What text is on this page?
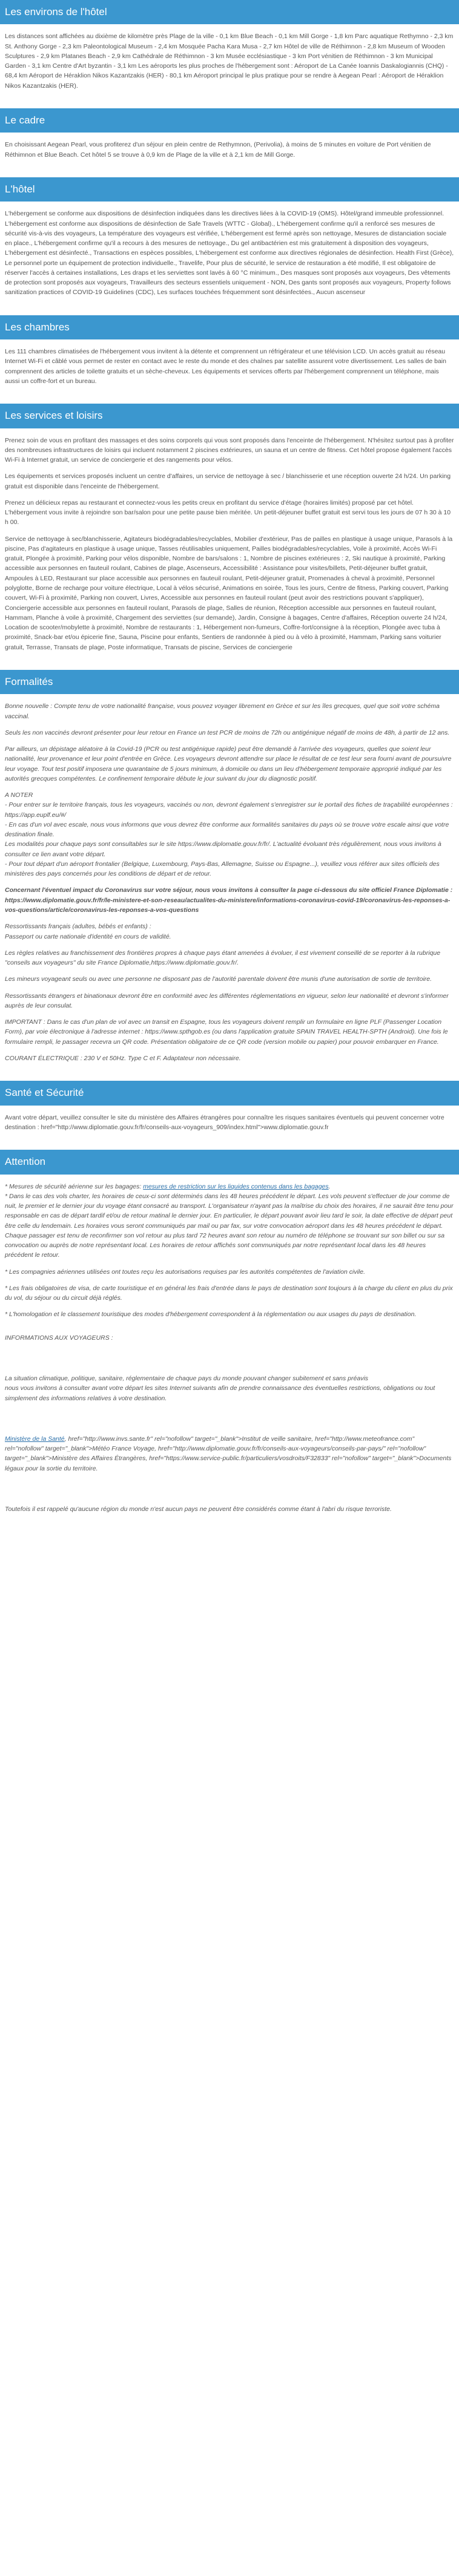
Les environs de l'hôtel

Les distances sont affichées au dixième de kilomètre près Plage de la ville - 0,1 km Blue Beach - 0,1 km Mill Gorge - 1,8 km Parc aquatique Rethymno - 2,3 km St. Anthony Gorge - 2,3 km Paleontological Museum - 2,4 km Mosquée Pacha Kara Musa - 2,7 km Hôtel de ville de Réthimnon - 2,8 km Museum of Wooden Sculptures - 2,9 km Platanes Beach - 2,9 km Cathédrale de Réthimnon - 3 km Musée ecclésiastique - 3 km Port vénitien de Réthimnon - 3 km Municipal Garden - 3,1 km Centre d'Art byzantin - 3,1 km Les aéroports les plus proches de l'hébergement sont : Aéroport de La Canée Ioannis Daskalogiannis (CHQ) - 68,4 km Aéroport de Héraklion Nikos Kazantzakis (HER) - 80,1 km Aéroport principal le plus pratique pour se rendre à Aegean Pearl : Aéroport de Héraklion Nikos Kazantzakis (HER).

Le cadre

En choisissant Aegean Pearl, vous profiterez d'un séjour en plein centre de Rethymnon, (Perivolia), à moins de 5 minutes en voiture de Port vénitien de Réthimnon et Blue Beach. Cet hôtel 5 se trouve à 0,9 km de Plage de la ville et à 2,1 km de Mill Gorge.

L'hôtel

L'hébergement se conforme aux dispositions de désinfection indiquées dans les directives liées à la COVID-19 (OMS). Hôtel/grand immeuble professionnel. L'hébergement est conforme aux dispositions de désinfection de Safe Travels (WTTC - Global)., L'hébergement confirme qu'il a renforcé ses mesures de sécurité vis-à-vis des voyageurs, La température des voyageurs est vérifiée, L'hébergement est fermé après son nettoyage, Mesures de distanciation sociale en place., L'hébergement confirme qu'il a recours à des mesures de nettoyage., Du gel antibactérien est mis gratuitement à disposition des voyageurs, L'hébergement est désinfecté., Transactions en espèces possibles, L'hébergement est conforme aux directives régionales de désinfection. Health First (Grèce), Le personnel porte un équipement de protection individuelle., Travelife, Pour plus de sécurité, le service de restauration a été modifié, Il est obligatoire de réserver l'accès à certaines installations, Les draps et les serviettes sont lavés à 60 °C minimum., Des masques sont proposés aux voyageurs, Des vêtements de protection sont proposés aux voyageurs, Travailleurs des secteurs essentiels uniquement - NON, Des gants sont proposés aux voyageurs, Property follows sanitization practices of COVID-19 Guidelines (CDC), Les surfaces touchées fréquemment sont désinfectées., Aucun ascenseur

Les chambres

Les 111 chambres climatisées de l'hébergement vous invitent à la détente et comprennent un réfrigérateur et une télévision LCD. Un accès gratuit au réseau Internet Wi-Fi et câblé vous permet de rester en contact avec le reste du monde et des chaînes par satellite assurent votre divertissement. Les salles de bain comprennent des articles de toilette gratuits et un sèche-cheveux. Les équipements et services offerts par l'hébergement comprennent un téléphone, mais aussi un coffre-fort et un bureau.

Les services et loisirs

Prenez soin de vous en profitant des massages et des soins corporels qui vous sont proposés dans l'enceinte de l'hébergement. N'hésitez surtout pas à profiter des nombreuses infrastructures de loisirs qui incluent notamment 2 piscines extérieures, un sauna et un centre de fitness. Cet hôtel propose également l'accès Wi-Fi à Internet gratuit, un service de conciergerie et des rangements pour vélos.

Les équipements et services proposés incluent un centre d'affaires, un service de nettoyage à sec / blanchisserie et une réception ouverte 24 h/24. Un parking gratuit est disponible dans l'enceinte de l'hébergement.

Prenez un délicieux repas au restaurant et connectez-vous les petits creux en profitant du service d'étage (horaires limités) proposé par cet hôtel. L'hébergement vous invite à rejoindre son bar/salon pour une petite pause bien méritée. Un petit-déjeuner buffet gratuit est servi tous les jours de 07 h 30 à 10 h 00.

Service de nettoyage à sec/blanchisserie, Agitateurs biodégradables/recyclables, Mobilier d'extérieur, Pas de pailles en plastique à usage unique, Parasols à la piscine, Pas d'agitateurs en plastique à usage unique, Tasses réutilisables uniquement, Pailles biodégradables/recyclables, Voile à proximité, Accès Wi-Fi gratuit, Plongée à proximité, Parking pour vélos disponible, Nombre de bars/salons : 1, Nombre de piscines extérieures : 2, Ski nautique à proximité, Parking accessible aux personnes en fauteuil roulant, Cabines de plage, Ascenseurs, Accessibilité : Assistance pour visites/billets, Petit-déjeuner buffet gratuit, Ampoules à LED, Restaurant sur place accessible aux personnes en fauteuil roulant, Petit-déjeuner gratuit, Promenades à cheval à proximité, Personnel polyglotte, Borne de recharge pour voiture électrique, Local à vélos sécurisé, Animations en soirée, Tous les jours, Centre de fitness, Parking couvert, Parking couvert, Wi-Fi à proximité, Parking non couvert, Livres, Accessible aux personnes en fauteuil roulant (peut avoir des restrictions pouvant s'appliquer), Conciergerie accessible aux personnes en fauteuil roulant, Parasols de plage, Salles de réunion, Réception accessible aux personnes en fauteuil roulant, Hammam, Planche à voile à proximité, Chargement des serviettes (sur demande), Jardin, Consigne à bagages, Centre d'affaires, Réception ouverte 24 h/24, Location de scooter/mobylette à proximité, Nombre de restaurants : 1, Hébergement non-fumeurs, Coffre-fort/consigne à la réception, Plongée avec tuba à proximité, Snack-bar et/ou épicerie fine, Sauna, Piscine pour enfants, Sentiers de randonnée à pied ou à vélo à proximité, Hammam, Parking sans voiturier gratuit, Terrasse, Transats de plage, Poste informatique, Transats de piscine, Services de conciergerie

Formalités

Bonne nouvelle : Compte tenu de votre nationalité française, vous pouvez voyager librement en Grèce et sur les îles grecques, quel que soit votre schéma vaccinal.

Seuls les non vaccinés devront présenter pour leur retour en France un test PCR de moins de 72h ou antigénique négatif de moins de 48h, à partir de 12 ans.

Par ailleurs, un dépistage aléatoire à la Covid-19 (PCR ou test antigénique rapide) peut être demandé à l'arrivée des voyageurs, quelles que soient leur nationalité, leur provenance et leur point d'entrée en Grèce. Les voyageurs devront attendre sur place le résultat de ce test leur sera fourni avant de poursuivre leur voyage. Tout test positif imposera une quarantaine de 5 jours minimum, à domicile ou dans un lieu d'hébergement temporaire approprié indiqué par les autorités grecques compétentes. Le confinement temporaire débute le jour suivant du jour du diagnostic positif.

A NOTER

- Pour entrer sur le territoire français, tous les voyageurs, vaccinés ou non, devront également s'enregistrer sur le portail des fiches de traçabilité européennes : https://app.euplf.eu/#/
- En cas d'un vol avec escale, nous vous informons que vous devrez être conforme aux formalités sanitaires du pays où se trouve votre escale ainsi que votre destination finale.
Les modalités pour chaque pays sont consultables sur le site https://www.diplomatie.gouv.fr/fr/. L'actualité évoluant très régulièrement, nous vous invitons à consulter ce lien avant votre départ.
- Pour tout départ d'un aéroport frontalier (Belgique, Luxembourg, Pays-Bas, Allemagne, Suisse ou Espagne...), veuillez vous référer aux sites officiels des ministères des pays concernés pour les conditions de départ et de retour.

Concernant l'éventuel impact du Coronavirus sur votre séjour, nous vous invitons à consulter la page ci-dessous du site officiel France Diplomatie : https://www.diplomatie.gouv.fr/fr/le-ministere-et-son-reseau/actualites-du-ministere/informations-coronavirus-covid-19/coronavirus-les-reponses-a-vos-questions/article/coronavirus-les-reponses-a-vos-questions

Ressortissants français (adultes, bébés et enfants) :
Passeport ou carte nationale d'identité en cours de validité.

Les règles relatives au franchissement des frontières propres à chaque pays étant amenées à évoluer, il est vivement conseillé de se reporter à la rubrique "conseils aux voyageurs" du site France Diplomatie,https://www.diplomatie.gouv.fr/.

Les mineurs voyageant seuls ou avec une personne ne disposant pas de l'autorité parentale doivent être munis d'une autorisation de sortie de territoire.

Ressortissants étrangers et binationaux devront être en conformité avec les différentes réglementations en vigueur, selon leur nationalité et devront s'informer auprès de leur consulat.

IMPORTANT : Dans le cas d'un plan de vol avec un transit en Espagne, tous les voyageurs doivent remplir un formulaire en ligne PLF (Passenger Location Form), par voie électronique à l'adresse internet : https://www.spthgob.es (ou dans l'application gratuite SPAIN TRAVEL HEALTH-SPTH (Android). Une fois le formulaire rempli, le passager recevra un QR code. Présentation obligatoire de ce QR code (version mobile ou papier) pour pouvoir embarquer en France.

COURANT ÉLECTRIQUE : 230 V et 50Hz. Type C et F. Adaptateur non nécessaire.

Santé et Sécurité

Avant votre départ, veuillez consulter le site du ministère des Affaires étrangères pour connaître les risques sanitaires éventuels qui peuvent concerner votre destination : href="http://www.diplomatie.gouv.fr/fr/conseils-aux-voyageurs_909/index.html">www.diplomatie.gouv.fr

Attention
* Mesures de sécurité aérienne sur les bagages: mesures de restriction sur les liquides contenus dans les bagages.

* Dans le cas des vols charter, les horaires de ceux-ci sont déterminés dans les 48 heures précédent le départ. Les vols peuvent s'effectuer de jour comme de nuit, le premier et le dernier jour du voyage étant consacré au transport. L'organisateur n'ayant pas la maîtrise du choix des horaires, il ne saurait être tenu pour responsable en cas de départ tardif et/ou de retour matinal le dernier jour. En particulier, le départ pouvant avoir lieu tard le soir, la date effective de départ peut être celle du lendemain. Les horaires vous seront communiqués par mail ou par fax, sur votre convocation aéroport dans les 48 heures précédent le départ. Chaque passager est tenu de reconfirmer son vol retour au plus tard 72 heures avant son retour au numéro de téléphone se trouvant sur son billet ou sur sa convocation ou auprès de notre représentant local. Les horaires de retour affichés sont communiqués par notre représentant local dans les 48 heures précédent le retour.

* Les compagnies aériennes utilisées ont toutes reçu les autorisations requises par les autorités compétentes de l'aviation civile.

* Les frais obligatoires de visa, de carte touristique et en général les frais d'entrée dans le pays de destination sont toujours à la charge du client en plus du prix du vol, du séjour ou du circuit déjà réglés.

* L'homologation et le classement touristique des modes d'hébergement correspondent à la réglementation ou aux usages du pays de destination.

INFORMATIONS AUX VOYAGEURS :

La situation climatique, politique, sanitaire, réglementaire de chaque pays du monde pouvant changer subitement et sans préavis
nous vous invitons à consulter avant votre départ les sites Internet suivants afin de prendre connaissance des éventuelles restrictions, obligations ou tout simplement des informations relatives à votre destination.

Ministère de la Santé, href="http://www.invs.sante.fr" rel="nofollow" target="_blank">Institut de veille sanitaire, href="http://www.meteofrance.com" rel="nofollow" target="_blank">Météo France Voyage, href="http://www.diplomatie.gouv.fr/fr/conseils-aux-voyageurs/conseils-par-pays/" rel="nofollow" target="_blank">Ministère des Affaires Étrangères, href="https://www.service-public.fr/particuliers/vosdroits/F32833" rel="nofollow" target="_blank">Documents légaux pour la sortie du territoire.

Toutefois il est rappelé qu'aucune région du monde n'est aucun pays ne peuvent être considérés comme étant à l'abri du risque terroriste.
